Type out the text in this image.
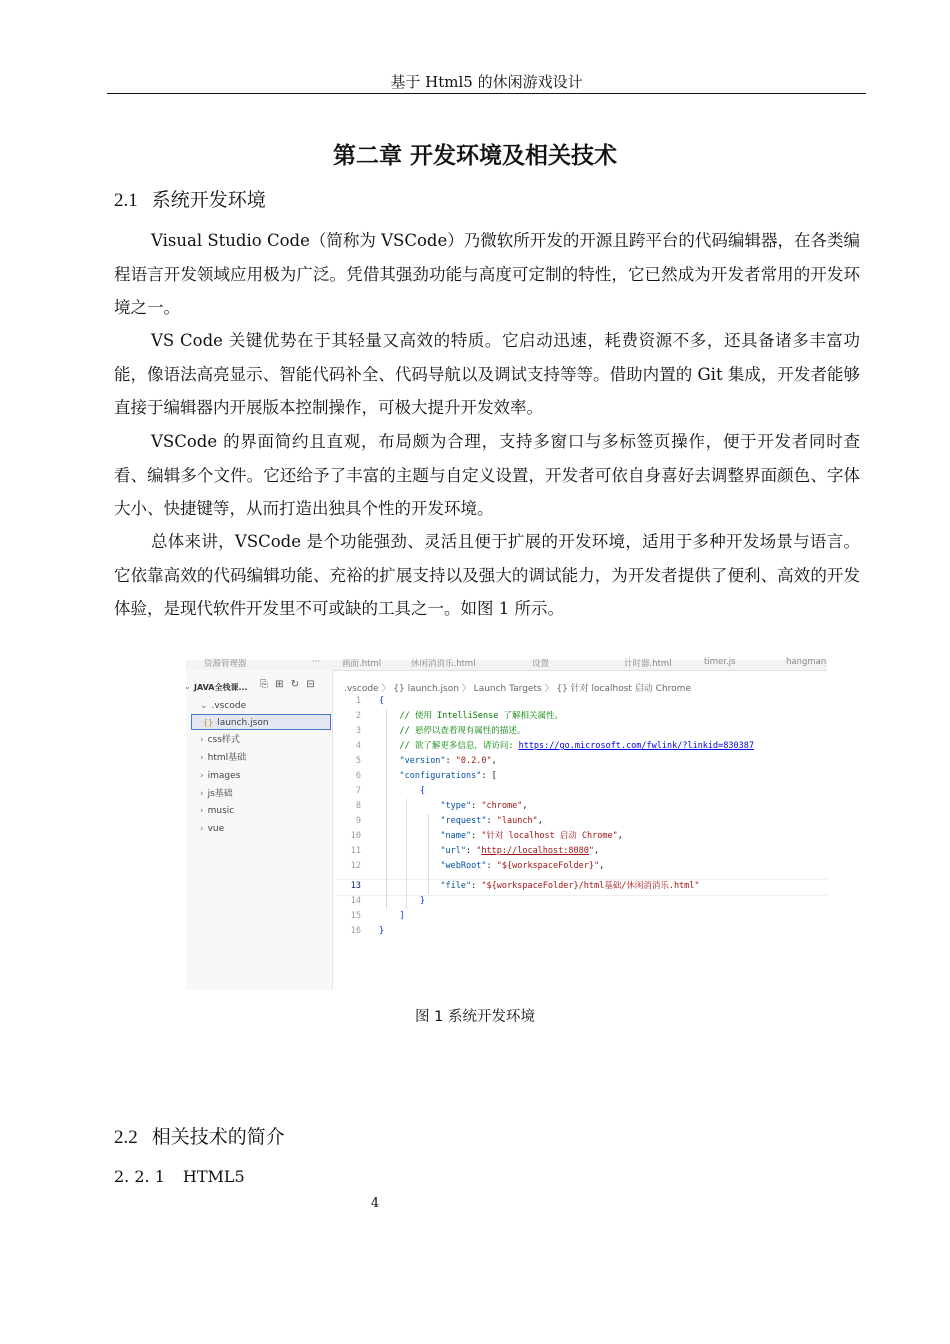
基于 Html5 的休闲游戏设计
第二章 开发环境及相关技术
2.1 系统开发环境

Visual Studio Code（简称为 VSCode）乃微软所开发的开源且跨平台的代码编辑器，在各类编程语言开发领域应用极为广泛。凭借其强劲功能与高度可定制的特性，它已然成为开发者常用的开发环境之一。

VS Code 关键优势在于其轻量又高效的特质。它启动迅速，耗费资源不多，还具备诸多丰富功能，像语法高亮显示、智能代码补全、代码导航以及调试支持等等。借助内置的 Git 集成，开发者能够直接于编辑器内开展版本控制操作，可极大提升开发效率。

VSCode 的界面简约且直观，布局颇为合理，支持多窗口与多标签页操作，便于开发者同时查看、编辑多个文件。它还给予了丰富的主题与自定义设置，开发者可依自身喜好去调整界面颜色、字体大小、快捷键等，从而打造出独具个性的开发环境。

总体来讲，VSCode 是个功能强劲、灵活且便于扩展的开发环境，适用于多种开发场景与语言。它依靠高效的代码编辑功能、充裕的扩展支持以及强大的调试能力，为开发者提供了便利、高效的开发体验，是现代软件开发里不可或缺的工具之一。如图 1 所示。

资源管理器	···	画面.html	休闲消消乐.html	设置	计时器.html	timer.js	hangman
⌄ JAVA全栈课... ⎘ ⊞ ↻ ⊟
⌄ .vscode
{} launch.json
› css样式
› html基础
› images
› js基础
› music
› vue
.vscode 〉 {} launch.json 〉 Launch Targets 〉 {} 针对 localhost 启动 Chrome
1 {
2	// 使用 IntelliSense 了解相关属性。
3	// 悬停以查看现有属性的描述。
4	// 欲了解更多信息，请访问: https://go.microsoft.com/fwlink/?linkid=830387
5	"version": "0.2.0",
6	"configurations": [
7	{
8	"type": "chrome",
9	"request": "launch",
10	"name": "针对 localhost 启动 Chrome",
11	"url": "http://localhost:8080",
12	"webRoot": "${workspaceFolder}",
13	"file": "${workspaceFolder}/html基础/休闲消消乐.html"
14	}
15	]
16 }
图 1 系统开发环境
2.2 相关技术的简介
2. 2. 1 HTML5
4
